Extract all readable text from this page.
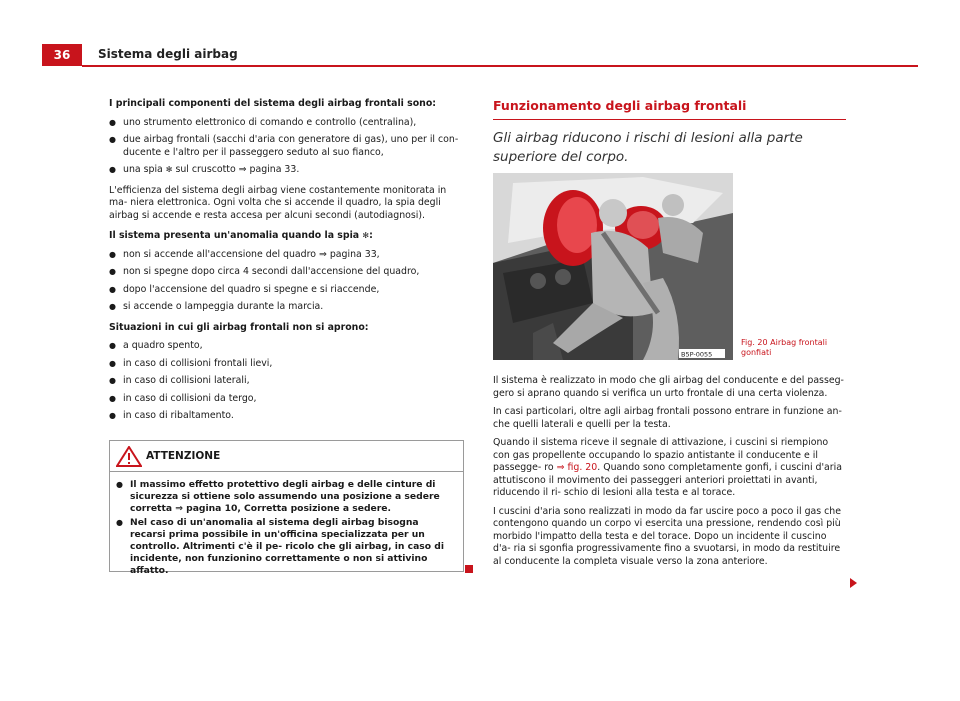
36	Sistema degli airbag

I principali componenti del sistema degli airbag frontali sono:

● uno strumento elettronico di comando e controllo (centralina),
● due airbag frontali (sacchi d'aria con generatore di gas), uno per il con- ducente e l'altro per il passeggero seduto al suo fianco,
● una spia ✻ sul cruscotto ⇒ pagina 33.

L'efficienza del sistema degli airbag viene costantemente monitorata in ma- niera elettronica. Ogni volta che si accende il quadro, la spia degli airbag si accende e resta accesa per alcuni secondi (autodiagnosi).

Il sistema presenta un'anomalia quando la spia ✻:

● non si accende all'accensione del quadro ⇒ pagina 33,
● non si spegne dopo circa 4 secondi dall'accensione del quadro,
● dopo l'accensione del quadro si spegne e si riaccende,
● si accende o lampeggia durante la marcia.

Situazioni in cui gli airbag frontali non si aprono:

● a quadro spento,
● in caso di collisioni frontali lievi,
● in caso di collisioni laterali,
● in caso di collisioni da tergo,
● in caso di ribaltamento.
ATTENZIONE
● Il massimo effetto protettivo degli airbag e delle cinture di sicurezza si ottiene solo assumendo una posizione a sedere corretta ⇒ pagina 10, Corretta posizione a sedere.
● Nel caso di un'anomalia al sistema degli airbag bisogna recarsi prima possibile in un'officina specializzata per un controllo. Altrimenti c'è il pe- ricolo che gli airbag, in caso di incidente, non funzionino correttamente o non si attivino affatto.

Funzionamento degli airbag frontali

Gli airbag riducono i rischi di lesioni alla parte superiore del corpo.
B5P-0055
Fig. 20 Airbag frontali gonfiati

Il sistema è realizzato in modo che gli airbag del conducente e del passeg- gero si aprano quando si verifica un urto frontale di una certa violenza.

In casi particolari, oltre agli airbag frontali possono entrare in funzione an- che quelli laterali e quelli per la testa.

Quando il sistema riceve il segnale di attivazione, i cuscini si riempiono con gas propellente occupando lo spazio antistante il conducente e il passegge- ro ⇒ fig. 20. Quando sono completamente gonfi, i cuscini d'aria attutiscono il movimento dei passeggeri anteriori proiettati in avanti, riducendo il ri- schio di lesioni alla testa e al torace.

I cuscini d'aria sono realizzati in modo da far uscire poco a poco il gas che contengono quando un corpo vi esercita una pressione, rendendo così più morbido l'impatto della testa e del torace. Dopo un incidente il cuscino d'a- ria si sgonfia progressivamente fino a svuotarsi, in modo da restituire al conducente la completa visuale verso la zona anteriore.
